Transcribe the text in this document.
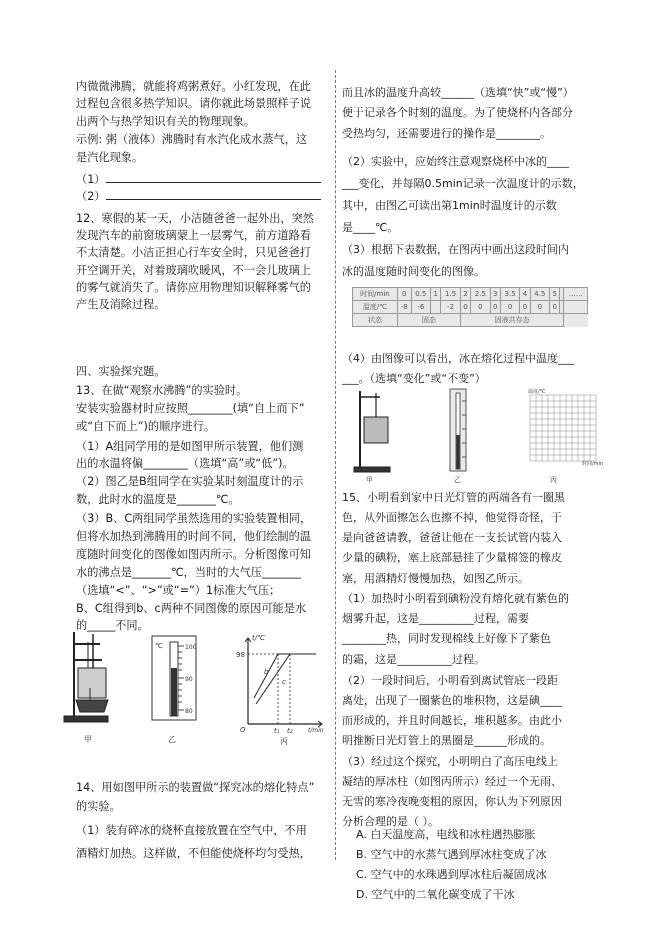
内微微沸腾，就能将鸡粥煮好。小红发现，在此
过程包含很多热学知识。请你就此场景照样子说
出两个与热学知识有关的物理现象。
示例: 粥（液体）沸腾时有水汽化成水蒸气，这
是汽化现象。
（1）
（2）
12、寒假的某一天，小洁随爸爸一起外出，突然
发现汽车的前窗玻璃蒙上一层雾气，前方道路看
不太清楚。小洁正担心行车安全时，只见爸爸打
开空调开关，对着玻璃吹暖风，不一会儿玻璃上
的雾气就消失了。请你应用物理知识解释雾气的
产生及消除过程。
四、实验探究题。
13、在做“观察水沸腾”的实验时。
安装实验器材时应按照________(填“自上而下”
或“自下而上”)的顺序进行。
（1）A组同学用的是如图甲所示装置，他们测
出的水温将偏________（选填“高”或“低”)。
（2）图乙是B组同学在实验某时刻温度计的示
数，此时水的温度是_______℃。
（3）B、C两组同学虽然选用的实验装置相同，
但将水加热到沸腾用的时间不同，他们绘制的温
度随时间变化的图像如图丙所示。分析图像可知
水的沸点是_______℃，当时的大气压_______
（选填“<”、“>”或“=”）1标准大气压；
B、C组得到b、c两种不同图像的原因可能是水
的_____不同。
14、用如图甲所示的装置做“探究冰的熔化特点”
的实验。
（1）装有碎冰的烧杯直接放置在空气中，不用
酒精灯加热。这样做，不但能使烧杯均匀受热，
甲
℃	100
90
80
乙
t/℃
98
b
c
O	t₁ t₂	t/min
丙
而且冰的温度升高较______（选填“快”或“慢”）
便于记录各个时刻的温度。为了使烧杯内各部分
受热均匀，还需要进行的操作是________。
（2）实验中，应始终注意观察烧杯中冰的____
___变化，并每隔0.5min记录一次温度计的示数，
其中，由图乙可读出第1min时温度计的示数
是____℃。
（3）根据下表数据，在图丙中画出这段时间内
冰的温度随时间变化的图像。
（4）由图像可以看出，冰在熔化过程中温度___
___。（选填“变化”或“不变”）
15、小明看到家中日光灯管的两端各有一圈黑
色，从外面擦怎么也擦不掉，他觉得奇怪，于
是向爸爸请教，爸爸让他在一支长试管内装入
少量的碘粉，塞上底部悬挂了少量棉签的橡皮
塞，用酒精灯慢慢加热，如图乙所示。
（1）加热时小明看到碘粉没有熔化就有紫色的
烟雾升起，这是__________过程，需要
________热，同时发现棉线上好像下了紫色
的霜，这是__________过程。
（2）一段时间后，小明看到离试管底一段距
离处，出现了一圈紫色的堆积物，这是碘____
而形成的，并且时间越长，堆积越多。由此小
明推断日光灯管上的黑圈是______形成的。
（3）经过这个探究，小明明白了高压电线上
凝结的厚冰柱（如图丙所示）经过一个无雨、
无雪的寒冷夜晚变粗的原因，你认为下列原因
分析合理的是（ ）。
A. 白天温度高，电线和冰柱遇热膨胀
B. 空气中的水蒸气遇到厚冰柱变成了冰
C. 空气中的水珠遇到厚冰柱后凝固成冰
D. 空气中的二氧化碳变成了干冰
时间/min	0	0.5	1	1.5	2	2.5	3	3.5	4	4.5	5		……
温度/℃	-8	-6		-2	0	0	0	0	0	0	0		
状态	固态				固液共存态								
甲	乙
温度/℃
时间/min
丙
